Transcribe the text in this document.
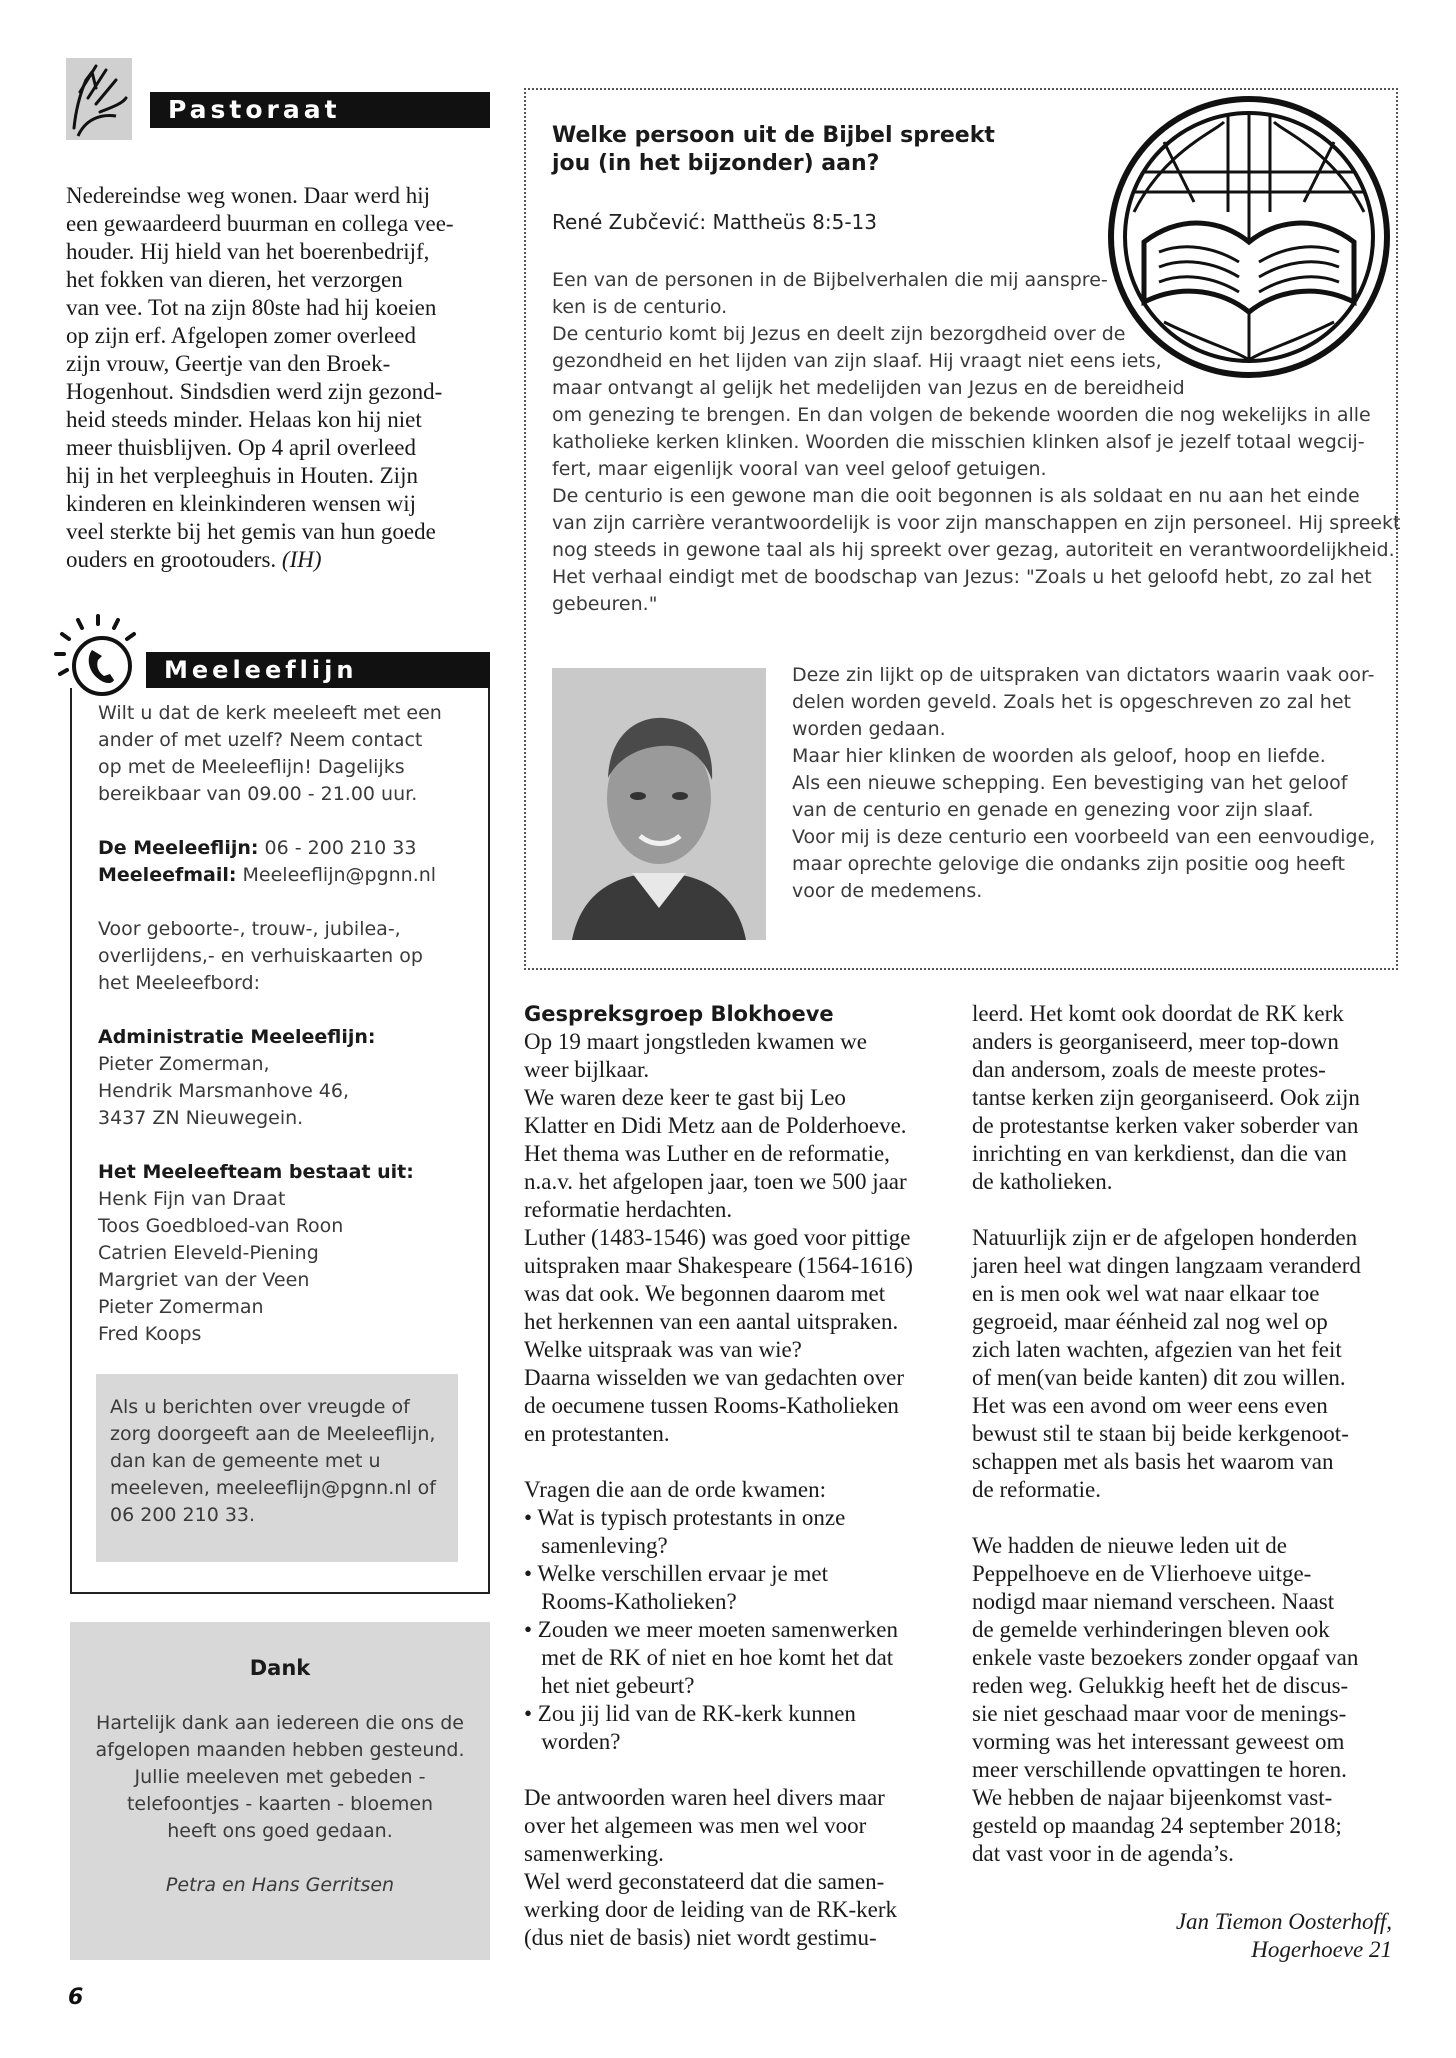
Pastoraat
Nedereindse weg wonen. Daar werd hij
een gewaardeerd buurman en collega vee-
houder. Hij hield van het boerenbedrijf,
het fokken van dieren, het verzorgen
van vee. Tot na zijn 80ste had hij koeien
op zijn erf. Afgelopen zomer overleed
zijn vrouw, Geertje van den Broek-
Hogenhout. Sindsdien werd zijn gezond-
heid steeds minder. Helaas kon hij niet
meer thuisblijven. Op 4 april overleed
hij in het verpleeghuis in Houten. Zijn
kinderen en kleinkinderen wensen wij
veel sterkte bij het gemis van hun goede
ouders en grootouders. (IH)
Meeleeflijn
Wilt u dat de kerk meeleeft met een
ander of met uzelf? Neem contact
op met de Meeleeflijn! Dagelijks
bereikbaar van 09.00 - 21.00 uur.
De Meeleeflijn: 06 - 200 210 33
Meeleefmail: Meeleeflijn@pgnn.nl
Voor geboorte-, trouw-, jubilea-,
overlijdens,- en verhuiskaarten op
het Meeleefbord:
Administratie Meeleeflijn:
Pieter Zomerman,
Hendrik Marsmanhove 46,
3437 ZN Nieuwegein.
Het Meeleefteam bestaat uit:
Henk Fijn van Draat
Toos Goedbloed-van Roon
Catrien Eleveld-Piening
Margriet van der Veen
Pieter Zomerman
Fred Koops
Als u berichten over vreugde of
zorg doorgeeft aan de Meeleeflijn,
dan kan de gemeente met u
meeleven, meeleeflijn@pgnn.nl of
06 200 210 33.
Dank
Hartelijk dank aan iedereen die ons de
afgelopen maanden hebben gesteund.
Jullie meeleven met gebeden -
telefoontjes - kaarten - bloemen
heeft ons goed gedaan.
Petra en Hans Gerritsen
Welke persoon uit de Bijbel spreekt
jou (in het bijzonder) aan?
René Zubčević: Mattheüs 8:5-13
Een van de personen in de Bijbelverhalen die mij aanspre-
ken is de centurio.
De centurio komt bij Jezus en deelt zijn bezorgdheid over de
gezondheid en het lijden van zijn slaaf. Hij vraagt niet eens iets,
maar ontvangt al gelijk het medelijden van Jezus en de bereidheid
om genezing te brengen. En dan volgen de bekende woorden die nog wekelijks in alle
katholieke kerken klinken. Woorden die misschien klinken alsof je jezelf totaal wegcij-
fert, maar eigenlijk vooral van veel geloof getuigen.
De centurio is een gewone man die ooit begonnen is als soldaat en nu aan het einde
van zijn carrière verantwoordelijk is voor zijn manschappen en zijn personeel. Hij spreekt
nog steeds in gewone taal als hij spreekt over gezag, autoriteit en verantwoordelijkheid.
Het verhaal eindigt met de boodschap van Jezus: "Zoals u het geloofd hebt, zo zal het
gebeuren."
Deze zin lijkt op de uitspraken van dictators waarin vaak oor-
delen worden geveld. Zoals het is opgeschreven zo zal het
worden gedaan.
Maar hier klinken de woorden als geloof, hoop en liefde.
Als een nieuwe schepping. Een bevestiging van het geloof
van de centurio en genade en genezing voor zijn slaaf.
Voor mij is deze centurio een voorbeeld van een eenvoudige,
maar oprechte gelovige die ondanks zijn positie oog heeft
voor de medemens.
Gespreksgroep Blokhoeve
Op 19 maart jongstleden kwamen we
weer bijlkaar.
We waren deze keer te gast bij Leo
Klatter en Didi Metz aan de Polderhoeve.
Het thema was Luther en de reformatie,
n.a.v. het afgelopen jaar, toen we 500 jaar
reformatie herdachten.
Luther (1483-1546) was goed voor pittige
uitspraken maar Shakespeare (1564-1616)
was dat ook. We begonnen daarom met
het herkennen van een aantal uitspraken.
Welke uitspraak was van wie?
Daarna wisselden we van gedachten over
de oecumene tussen Rooms-Katholieken
en protestanten.
Vragen die aan de orde kwamen:
• Wat is typisch protestants in onze
samenleving?
• Welke verschillen ervaar je met
Rooms-Katholieken?
• Zouden we meer moeten samenwerken
met de RK of niet en hoe komt het dat
het niet gebeurt?
• Zou jij lid van de RK-kerk kunnen
worden?
De antwoorden waren heel divers maar
over het algemeen was men wel voor
samenwerking.
Wel werd geconstateerd dat die samen-
werking door de leiding van de RK-kerk
(dus niet de basis) niet wordt gestimu-
leerd. Het komt ook doordat de RK kerk
anders is georganiseerd, meer top-down
dan andersom, zoals de meeste protes-
tantse kerken zijn georganiseerd. Ook zijn
de protestantse kerken vaker soberder van
inrichting en van kerkdienst, dan die van
de katholieken.
Natuurlijk zijn er de afgelopen honderden
jaren heel wat dingen langzaam veranderd
en is men ook wel wat naar elkaar toe
gegroeid, maar éénheid zal nog wel op
zich laten wachten, afgezien van het feit
of men(van beide kanten) dit zou willen.
Het was een avond om weer eens even
bewust stil te staan bij beide kerkgenoot-
schappen met als basis het waarom van
de reformatie.
We hadden de nieuwe leden uit de
Peppelhoeve en de Vlierhoeve uitge-
nodigd maar niemand verscheen. Naast
de gemelde verhinderingen bleven ook
enkele vaste bezoekers zonder opgaaf van
reden weg. Gelukkig heeft het de discus-
sie niet geschaad maar voor de menings-
vorming was het interessant geweest om
meer verschillende opvattingen te horen.
We hebben de najaar bijeenkomst vast-
gesteld op maandag 24 september 2018;
dat vast voor in de agenda’s.
Jan Tiemon Oosterhoff,
Hogerhoeve 21
6
